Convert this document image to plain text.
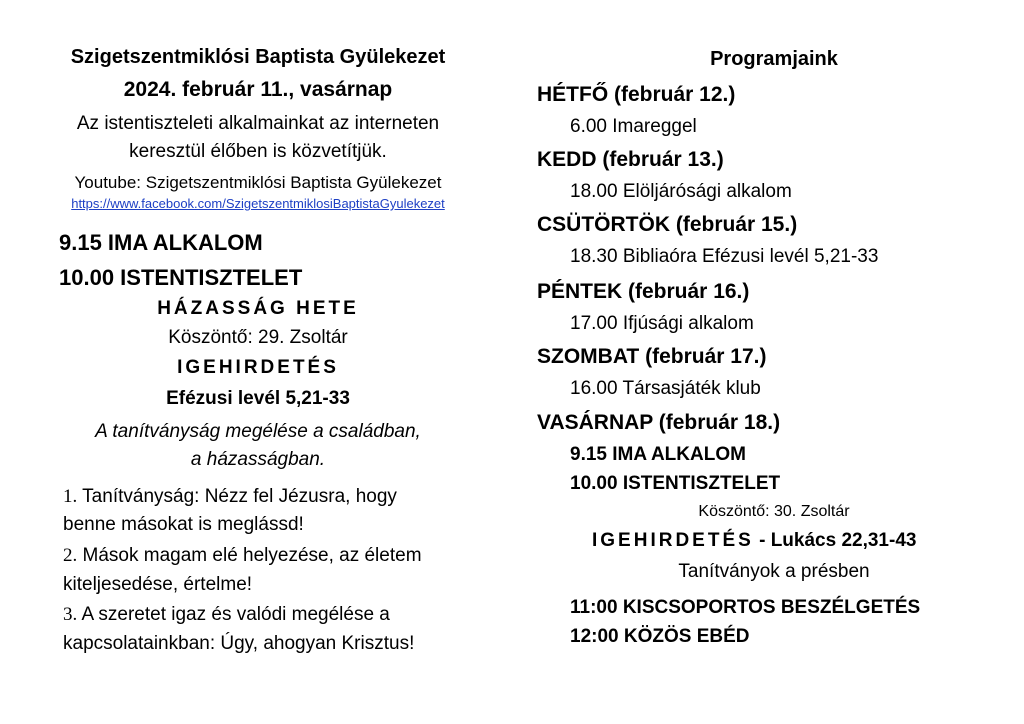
Szigetszentmiklósi Baptista Gyülekezet
2024. február 11., vasárnap
Az istentiszteleti alkalmainkat az interneten
keresztül élőben is közvetítjük.
Youtube: Szigetszentmiklósi Baptista Gyülekezet
https://www.facebook.com/SzigetszentmiklosiBaptistaGyulekezet
9.15 IMA ALKALOM
10.00 ISTENTISZTELET
HÁZASSÁG HETE
Köszöntő: 29. Zsoltár
IGEHIRDETÉS
Efézusi levél 5,21-33
A tanítványság megélése a családban,
a házasságban.
1. Tanítványság: Nézz fel Jézusra, hogy
benne másokat is meglássd!
2. Mások magam elé helyezése, az életem
kiteljesedése, értelme!
3. A szeretet igaz és valódi megélése a
kapcsolatainkban: Úgy, ahogyan Krisztus!
Programjaink
HÉTFŐ (február 12.)
6.00 Imareggel
KEDD (február 13.)
18.00 Elöljárósági alkalom
CSÜTÖRTÖK (február 15.)
18.30 Bibliaóra Efézusi levél 5,21-33
PÉNTEK (február 16.)
17.00 Ifjúsági alkalom
SZOMBAT (február 17.)
16.00 Társasjáték klub
VASÁRNAP (február 18.)
9.15 IMA ALKALOM
10.00 ISTENTISZTELET
Köszöntő: 30. Zsoltár
IGEHIRDETÉS - Lukács 22,31-43
Tanítványok a présben
11:00 KISCSOPORTOS BESZÉLGETÉS
12:00 KÖZÖS EBÉD
